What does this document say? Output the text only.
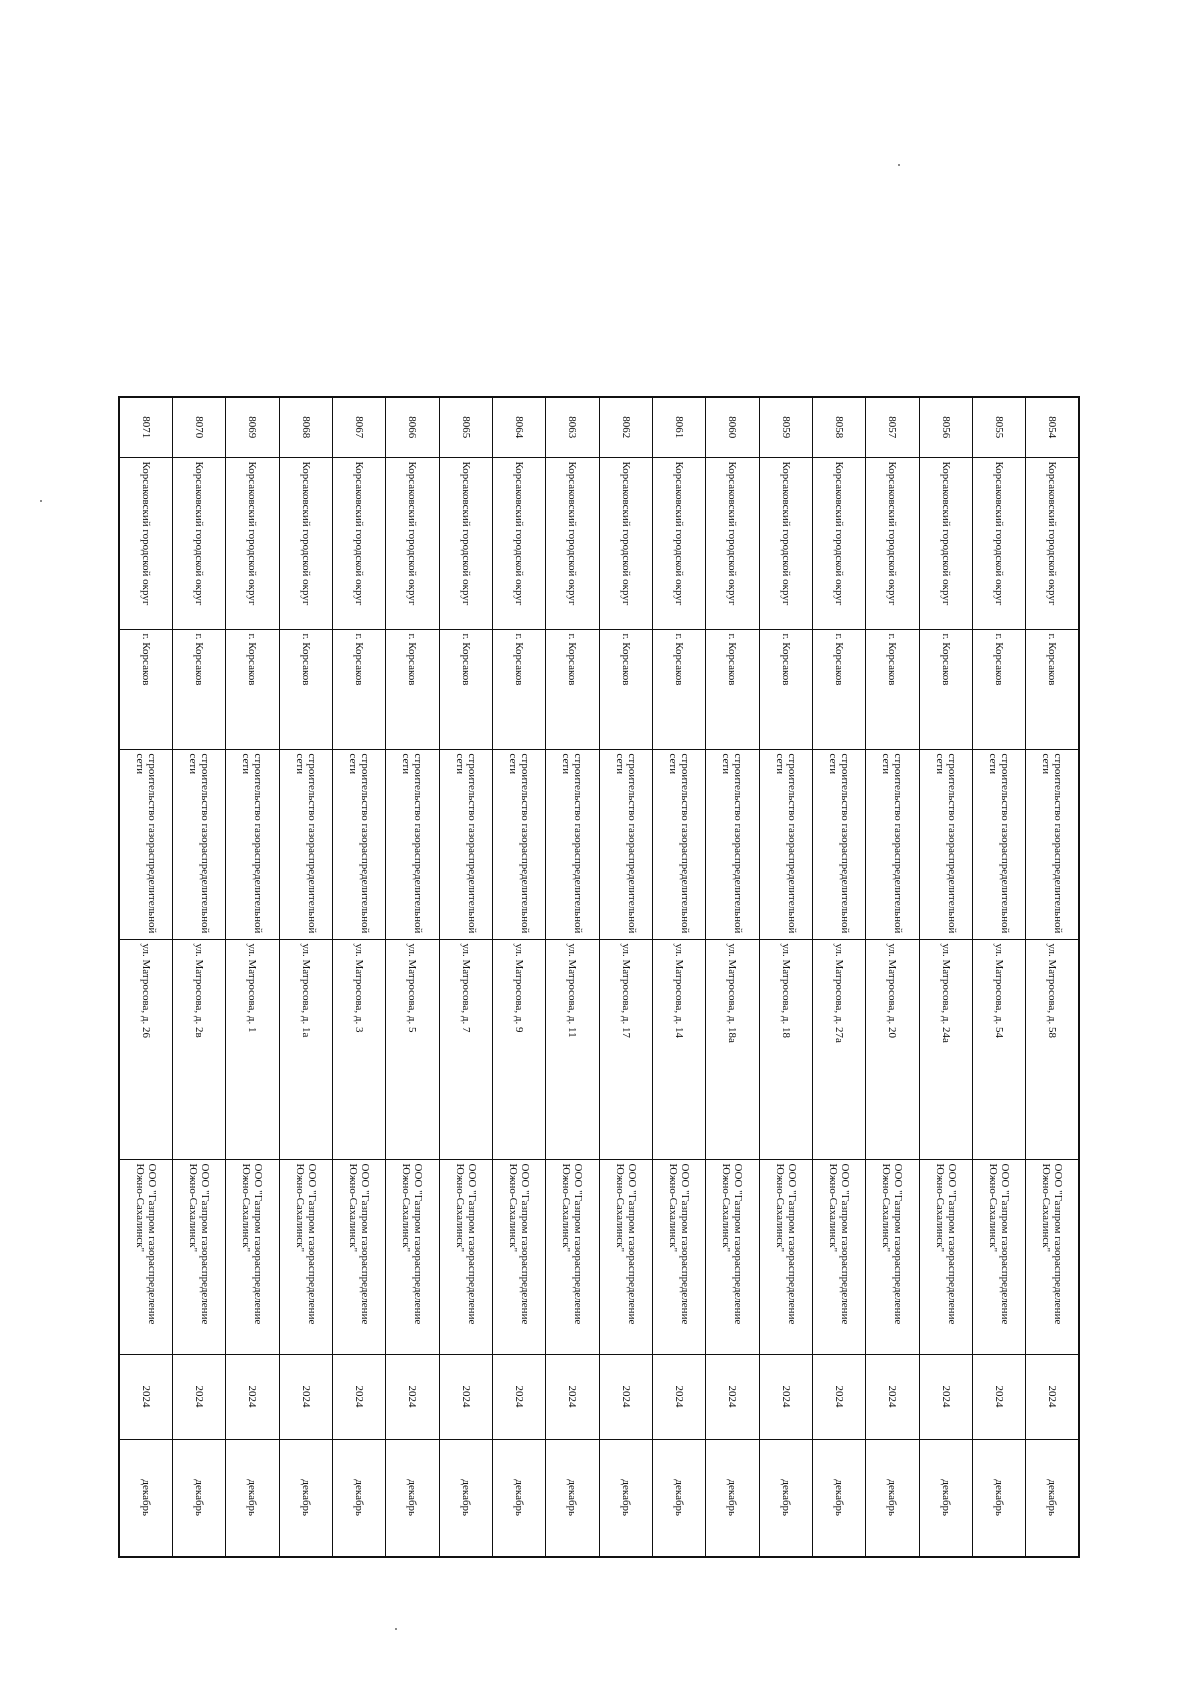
8054	Корсаковский городской округ	г. Корсаков	строительство газораспределительной сети	ул. Матросова, д. 58	ООО "Газпром газораспределение Южно-Сахалинск"	2024	декабрь
8055	Корсаковский городской округ	г. Корсаков	строительство газораспределительной сети	ул. Матросова, д. 54	ООО "Газпром газораспределение Южно-Сахалинск"	2024	декабрь
8056	Корсаковский городской округ	г. Корсаков	строительство газораспределительной сети	ул. Матросова, д. 24а	ООО "Газпром газораспределение Южно-Сахалинск"	2024	декабрь
8057	Корсаковский городской округ	г. Корсаков	строительство газораспределительной сети	ул. Матросова, д. 20	ООО "Газпром газораспределение Южно-Сахалинск"	2024	декабрь
8058	Корсаковский городской округ	г. Корсаков	строительство газораспределительной сети	ул. Матросова, д. 27а	ООО "Газпром газораспределение Южно-Сахалинск"	2024	декабрь
8059	Корсаковский городской округ	г. Корсаков	строительство газораспределительной сети	ул. Матросова, д. 18	ООО "Газпром газораспределение Южно-Сахалинск"	2024	декабрь
8060	Корсаковский городской округ	г. Корсаков	строительство газораспределительной сети	ул. Матросова, д. 18а	ООО "Газпром газораспределение Южно-Сахалинск"	2024	декабрь
8061	Корсаковский городской округ	г. Корсаков	строительство газораспределительной сети	ул. Матросова, д. 14	ООО "Газпром газораспределение Южно-Сахалинск"	2024	декабрь
8062	Корсаковский городской округ	г. Корсаков	строительство газораспределительной сети	ул. Матросова, д. 17	ООО "Газпром газораспределение Южно-Сахалинск"	2024	декабрь
8063	Корсаковский городской округ	г. Корсаков	строительство газораспределительной сети	ул. Матросова, д. 11	ООО "Газпром газораспределение Южно-Сахалинск"	2024	декабрь
8064	Корсаковский городской округ	г. Корсаков	строительство газораспределительной сети	ул. Матросова, д. 9	ООО "Газпром газораспределение Южно-Сахалинск"	2024	декабрь
8065	Корсаковский городской округ	г. Корсаков	строительство газораспределительной сети	ул. Матросова, д. 7	ООО "Газпром газораспределение Южно-Сахалинск"	2024	декабрь
8066	Корсаковский городской округ	г. Корсаков	строительство газораспределительной сети	ул. Матросова, д. 5	ООО "Газпром газораспределение Южно-Сахалинск"	2024	декабрь
8067	Корсаковский городской округ	г. Корсаков	строительство газораспределительной сети	ул. Матросова, д. 3	ООО "Газпром газораспределение Южно-Сахалинск"	2024	декабрь
8068	Корсаковский городской округ	г. Корсаков	строительство газораспределительной сети	ул. Матросова, д. 1а	ООО "Газпром газораспределение Южно-Сахалинск"	2024	декабрь
8069	Корсаковский городской округ	г. Корсаков	строительство газораспределительной сети	ул. Матросова, д. 1	ООО "Газпром газораспределение Южно-Сахалинск"	2024	декабрь
8070	Корсаковский городской округ	г. Корсаков	строительство газораспределительной сети	ул. Матросова, д. 2в	ООО "Газпром газораспределение Южно-Сахалинск"	2024	декабрь
8071	Корсаковский городской округ	г. Корсаков	строительство газораспределительной сети	ул. Матросова, д. 26	ООО "Газпром газораспределение Южно-Сахалинск"	2024	декабрь
